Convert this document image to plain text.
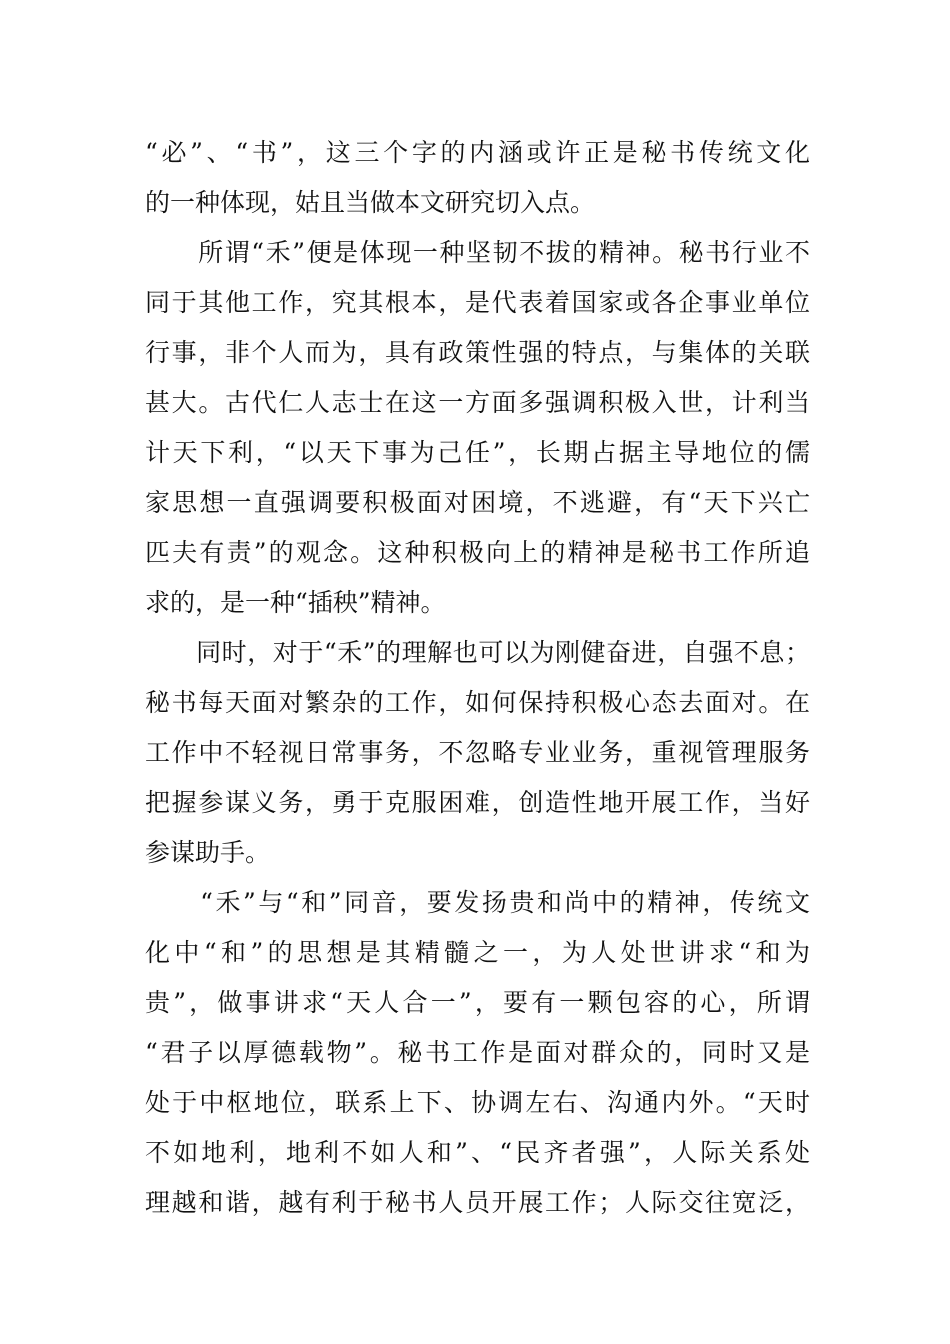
“必”、“书”，这三个字的内涵或许正是秘书传统文化
的一种体现，姑且当做本文研究切入点。
　　所谓“禾”便是体现一种坚韧不拔的精神。秘书行业不
同于其他工作，究其根本，是代表着国家或各企事业单位
行事，非个人而为，具有政策性强的特点，与集体的关联
甚大。古代仁人志士在这一方面多强调积极入世，计利当
计天下利，“以天下事为己任”，长期占据主导地位的儒
家思想一直强调要积极面对困境，不逃避，有“天下兴亡
匹夫有责”的观念。这种积极向上的精神是秘书工作所追
求的，是一种“插秧”精神。
　　同时，对于“禾”的理解也可以为刚健奋进，自强不息；
秘书每天面对繁杂的工作，如何保持积极心态去面对。在
工作中不轻视日常事务，不忽略专业业务，重视管理服务
把握参谋义务，勇于克服困难，创造性地开展工作，当好
参谋助手。
　　“禾”与“和”同音，要发扬贵和尚中的精神，传统文
化中“和”的思想是其精髓之一，为人处世讲求“和为
贵”，做事讲求“天人合一”，要有一颗包容的心，所谓
“君子以厚德载物”。秘书工作是面对群众的，同时又是
处于中枢地位，联系上下、协调左右、沟通内外。“天时
不如地利，地利不如人和”、“民齐者强”，人际关系处
理越和谐，越有利于秘书人员开展工作；人际交往宽泛，
